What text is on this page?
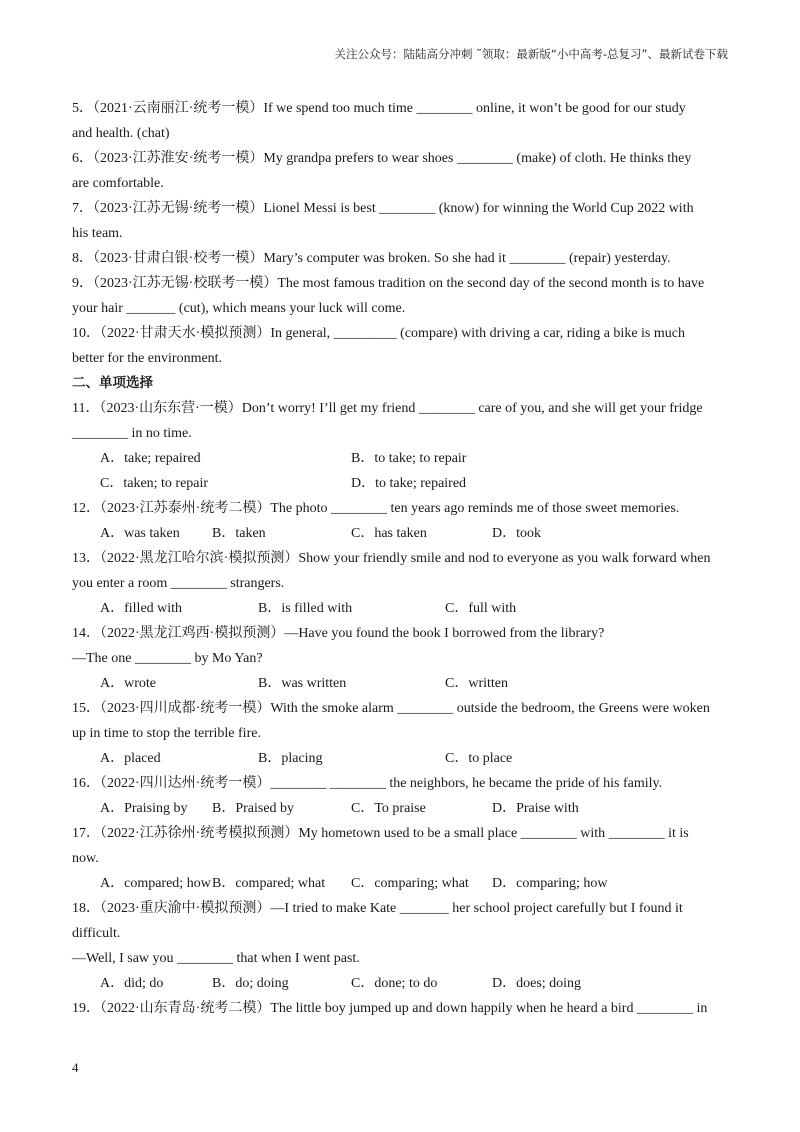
关注公众号：陆陆高分冲刺 ˜领取：最新版“小中高考-总复习”、最新试卷下载
5．（2021·云南丽江·统考一模）If we spend too much time ________ online, it won’t be good for our study
and health. (chat)
6．（2023·江苏淮安·统考一模）My grandpa prefers to wear shoes ________ (make) of cloth. He thinks they
are comfortable.
7．（2023·江苏无锡·统考一模）Lionel Messi is best ________ (know) for winning the World Cup 2022 with
his team.
8．（2023·甘肃白银·校考一模）Mary’s computer was broken. So she had it ________ (repair) yesterday.
9．（2023·江苏无锡·校联考一模）The most famous tradition on the second day of the second month is to have
your hair _______ (cut), which means your luck will come.
10．（2022·甘肃天水·模拟预测）In general, _________ (compare) with driving a car, riding a bike is much
better for the environment.
二、单项选择
11．（2023·山东东营·一模）Don’t worry! I’ll get my friend ________ care of you, and she will get your fridge
________ in no time.
A．take; repaired	B．to take; to repair
C．taken; to repair	D．to take; repaired
12．（2023·江苏泰州·统考二模）The photo ________ ten years ago reminds me of those sweet memories.
A．was taken B．taken	C．has taken	D．took
13．（2022·黑龙江哈尔滨·模拟预测）Show your friendly smile and nod to everyone as you walk forward when
you enter a room ________ strangers.
A．filled with	B．is filled with	C．full with
14．（2022·黑龙江鸡西·模拟预测）—Have you found the book I borrowed from the library?
—The one ________ by Mo Yan?
A．wrote	B．was written	C．written
15．（2023·四川成都·统考一模）With the smoke alarm ________ outside the bedroom, the Greens were woken
up in time to stop the terrible fire.
A．placed	B．placing	C．to place
16．（2022·四川达州·统考一模）________ ________ the neighbors, he became the pride of his family.
A．Praising by B．Praised by	C．To praise	D．Praise with
17．（2022·江苏徐州·统考模拟预测）My hometown used to be a small place ________ with ________ it is
now.
A．compared; how B．compared; what C．comparing; what D．comparing; how
18．（2023·重庆渝中·模拟预测）—I tried to make Kate _______ her school project carefully but I found it
difficult.
—Well, I saw you ________ that when I went past.
A．did; do	B．do; doing	C．done; to do	D．does; doing
19．（2022·山东青岛·统考二模）The little boy jumped up and down happily when he heard a bird ________ in
4
